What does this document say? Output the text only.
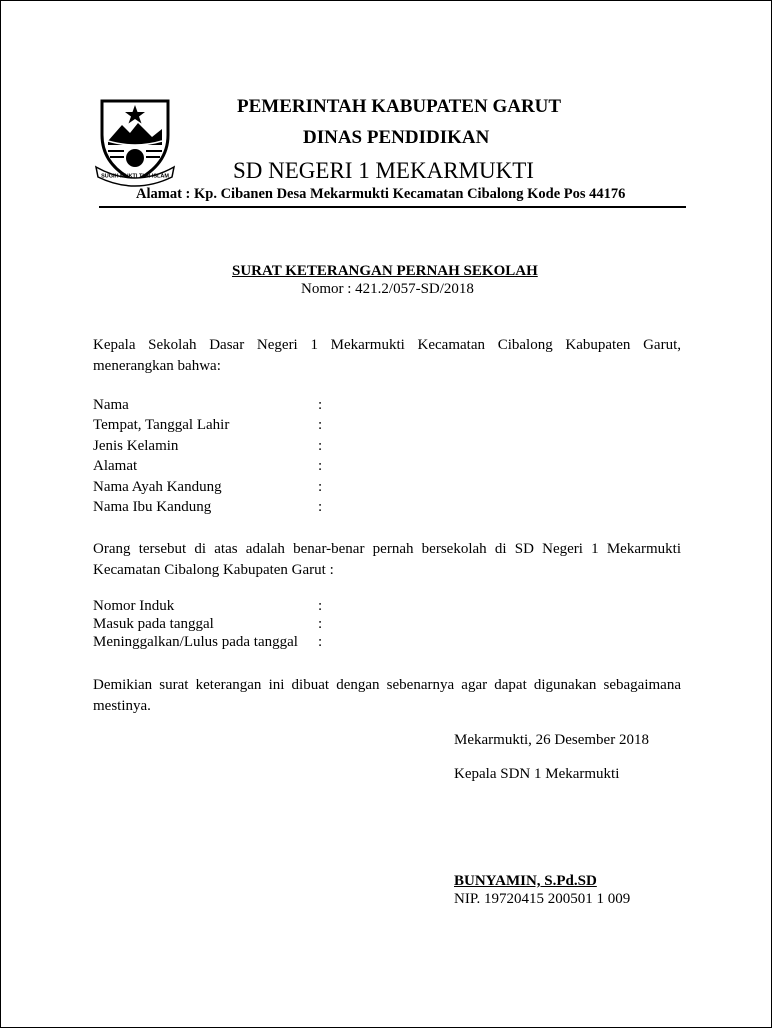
SUGIH MUKTI TUR ISLAM
PEMERINTAH KABUPATEN GARUT
DINAS PENDIDIKAN
SD NEGERI 1 MEKARMUKTI
Alamat : Kp. Cibanen Desa Mekarmukti Kecamatan Cibalong Kode Pos 44176
SURAT KETERANGAN PERNAH SEKOLAH
Nomor : 421.2/057-SD/2018
Kepala Sekolah Dasar Negeri 1 Mekarmukti Kecamatan Cibalong Kabupaten Garut,
menerangkan bahwa:
Nama	:
Tempat, Tanggal Lahir	:
Jenis Kelamin	:
Alamat	:
Nama Ayah Kandung	:
Nama Ibu Kandung	:
Orang tersebut di atas adalah benar-benar pernah bersekolah di SD Negeri 1 Mekarmukti
Kecamatan Cibalong Kabupaten Garut :
Nomor Induk	:
Masuk pada tanggal	:
Meninggalkan/Lulus pada tanggal :
Demikian surat keterangan ini dibuat dengan sebenarnya agar dapat digunakan sebagaimana
mestinya.
Mekarmukti, 26 Desember 2018
Kepala SDN 1 Mekarmukti
BUNYAMIN, S.Pd.SD
NIP. 19720415 200501 1 009
